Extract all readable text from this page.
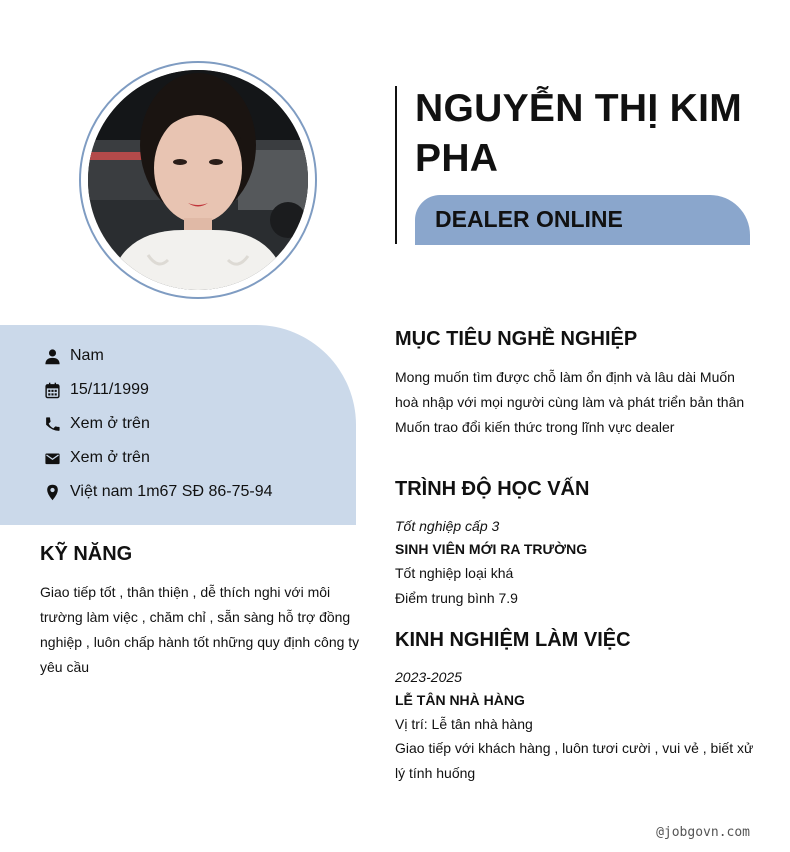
NGUYỄN THỊ KIM PHA
DEALER ONLINE
Nam
15/11/1999
Xem ở trên
Xem ở trên
Việt nam 1m67 SĐ 86-75-94
KỸ NĂNG
Giao tiếp tốt , thân thiện , dễ thích nghi với môi trường làm việc , chăm chỉ , sẵn sàng hỗ trợ đồng nghiệp , luôn chấp hành tốt những quy định công ty yêu cầu
MỤC TIÊU NGHỀ NGHIỆP
Mong muốn tìm được chỗ làm ổn định và lâu dài Muốn hoà nhập với mọi người cùng làm và phát triển bản thân Muốn trao đổi kiến thức trong lĩnh vực dealer
TRÌNH ĐỘ HỌC VẤN
Tốt nghiệp cấp 3
SINH VIÊN MỚI RA TRƯỜNG
Tốt nghiệp loại khá
Điểm trung bình 7.9
KINH NGHIỆM LÀM VIỆC
2023-2025
LỄ TÂN NHÀ HÀNG
Vị trí: Lễ tân nhà hàng
Giao tiếp với khách hàng , luôn tươi cười , vui vẻ , biết xử lý tính huống
@jobgovn.com
